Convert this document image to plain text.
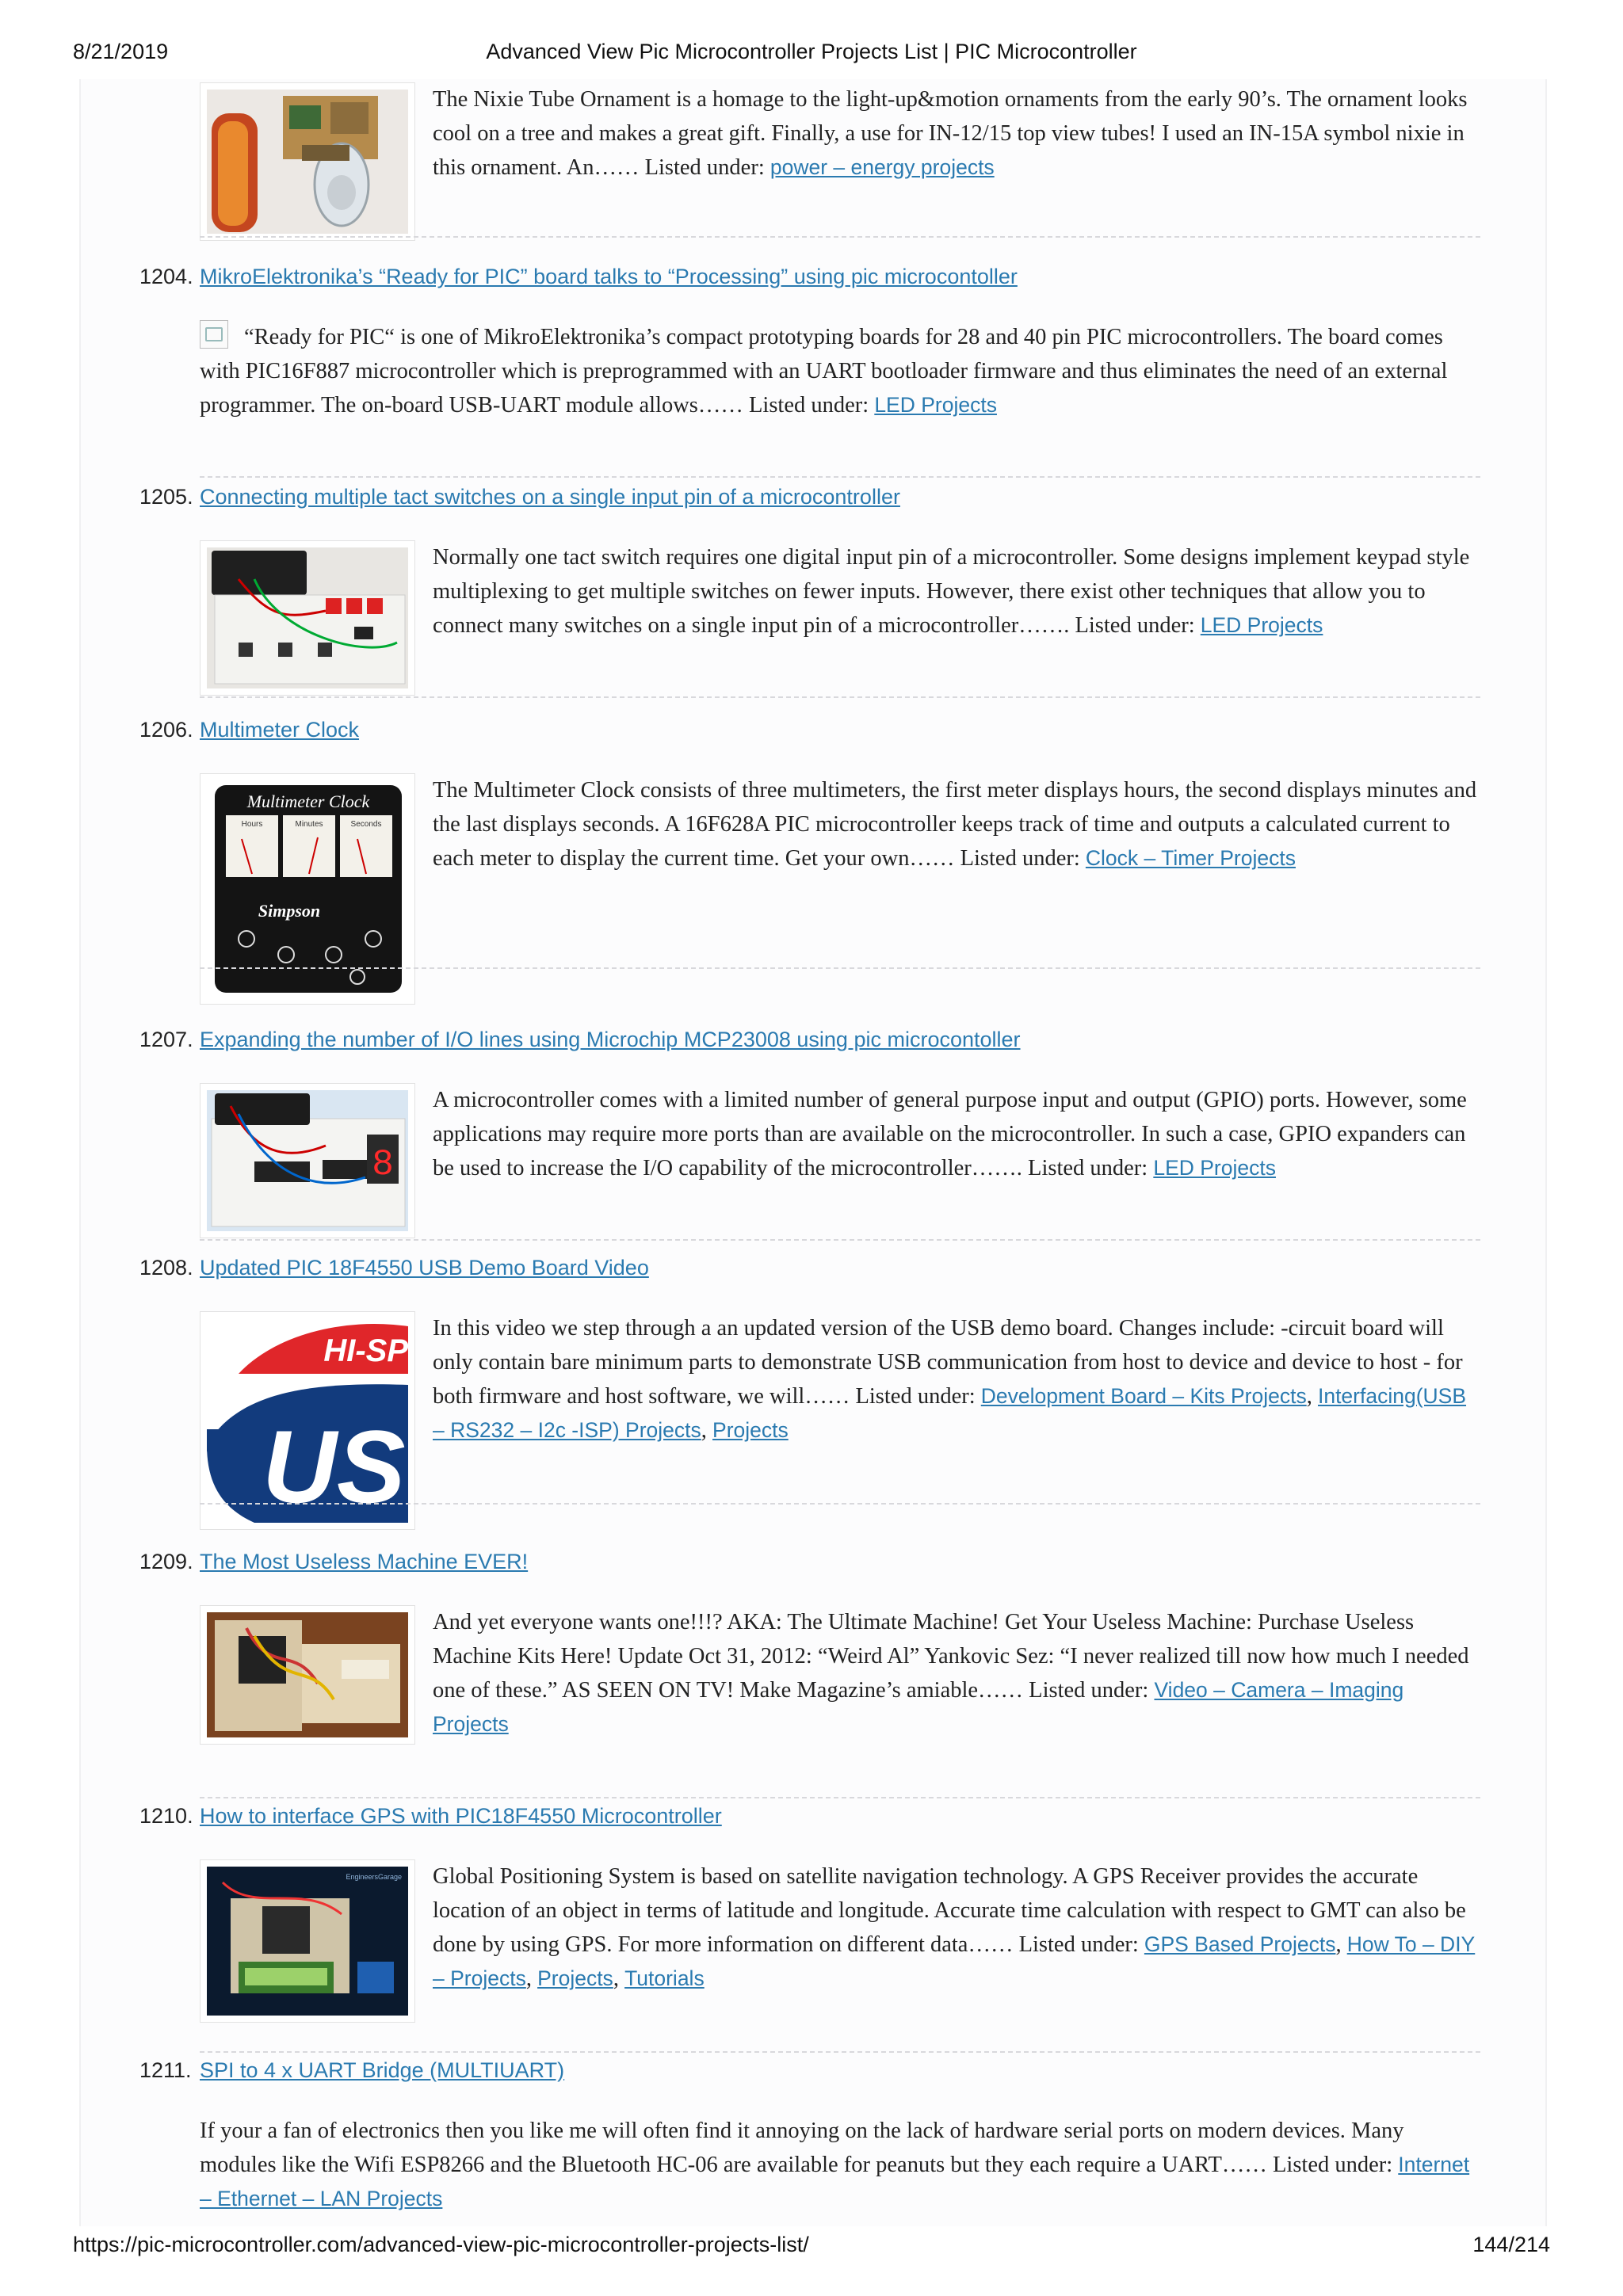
8/21/2019	Advanced View Pic Microcontroller Projects List | PIC Microcontroller
The Nixie Tube Ornament is a homage to the light-up&motion ornaments from the early 90’s. The ornament looks cool on a tree and makes a great gift. Finally, a use for IN-12/15 top view tubes! I used an IN-15A symbol nixie in this ornament. An…… Listed under: power – energy projects
1204. MikroElektronika’s “Ready for PIC” board talks to “Processing” using pic microcontoller
“Ready for PIC“ is one of MikroElektronika’s compact prototyping boards for 28 and 40 pin PIC microcontrollers. The board comes with PIC16F887 microcontroller which is preprogrammed with an UART bootloader firmware and thus eliminates the need of an external programmer. The on-board USB-UART module allows…… Listed under: LED Projects
1205. Connecting multiple tact switches on a single input pin of a microcontroller
Normally one tact switch requires one digital input pin of a microcontroller. Some designs implement keypad style multiplexing to get multiple switches on fewer inputs. However, there exist other techniques that allow you to connect many switches on a single input pin of a microcontroller……. Listed under: LED Projects
1206. Multimeter Clock
Multimeter Clock
Hours	Minutes	Seconds
Simpson
The Multimeter Clock consists of three multimeters, the first meter displays hours, the second displays minutes and the last displays seconds. A 16F628A PIC microcontroller keeps track of time and outputs a calculated current to each meter to display the current time. Get your own…… Listed under: Clock – Timer Projects
1207. Expanding the number of I/O lines using Microchip MCP23008 using pic microcontoller
8
A microcontroller comes with a limited number of general purpose input and output (GPIO) ports. However, some applications may require more ports than are available on the microcontroller. In such a case, GPIO expanders can be used to increase the I/O capability of the microcontroller……. Listed under: LED Projects
1208. Updated PIC 18F4550 USB Demo Board Video
HI-SP
US
In this video we step through a an updated version of the USB demo board. Changes include: -circuit board will only contain bare minimum parts to demonstrate USB communication from host to device and device to host - for both firmware and host software, we will…… Listed under: Development Board – Kits Projects, Interfacing(USB – RS232 – I2c -ISP) Projects, Projects
1209. The Most Useless Machine EVER!
And yet everyone wants one!!!? AKA: The Ultimate Machine! Get Your Useless Machine: Purchase Useless Machine Kits Here! Update Oct 31, 2012: “Weird Al” Yankovic Sez: “I never realized till now how much I needed one of these.” AS SEEN ON TV! Make Magazine’s amiable…… Listed under: Video – Camera – Imaging Projects
1210. How to interface GPS with PIC18F4550 Microcontroller
EngineersGarage Global Positioning System is based on satellite navigation technology. A GPS Receiver provides the accurate location of an object in terms of latitude and longitude. Accurate time calculation with respect to GMT can also be done by using GPS. For more information on different data…… Listed under: GPS Based Projects, How To – DIY – Projects, Projects, Tutorials
1211. SPI to 4 x UART Bridge (MULTIUART)
If your a fan of electronics then you like me will often find it annoying on the lack of hardware serial ports on modern devices. Many modules like the Wifi ESP8266 and the Bluetooth HC-06 are available for peanuts but they each require a UART…… Listed under: Internet – Ethernet – LAN Projects
https://pic-microcontroller.com/advanced-view-pic-microcontroller-projects-list/	144/214
